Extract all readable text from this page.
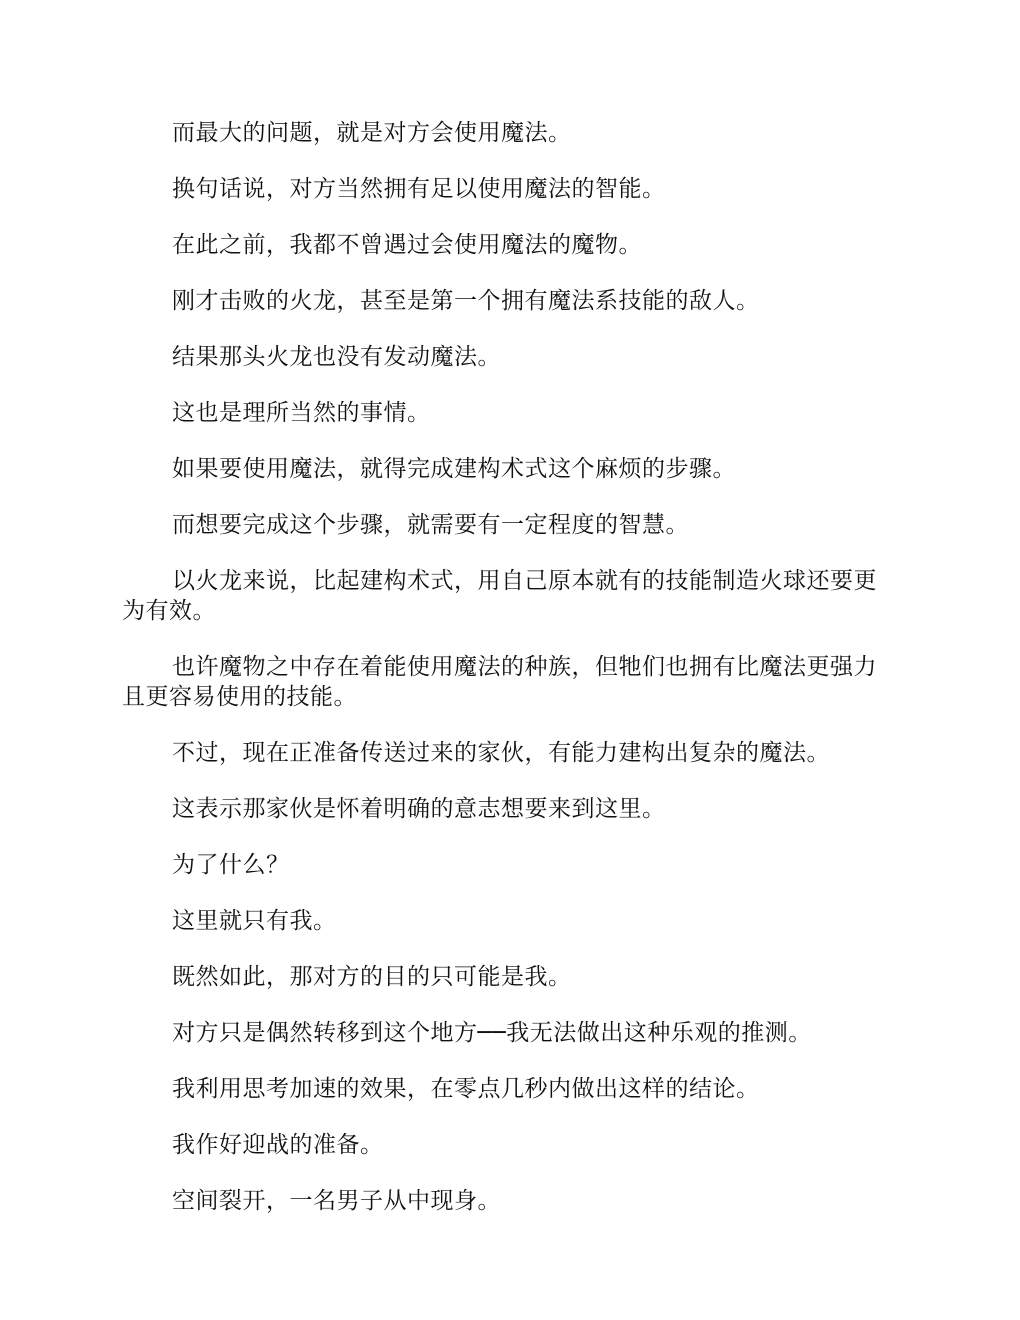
而最大的问题，就是对方会使用魔法。

换句话说，对方当然拥有足以使用魔法的智能。

在此之前，我都不曾遇过会使用魔法的魔物。

刚才击败的火龙，甚至是第一个拥有魔法系技能的敌人。

结果那头火龙也没有发动魔法。

这也是理所当然的事情。

如果要使用魔法，就得完成建构术式这个麻烦的步骤。

而想要完成这个步骤，就需要有一定程度的智慧。

以火龙来说，比起建构术式，用自己原本就有的技能制造火球还要更为有效。

也许魔物之中存在着能使用魔法的种族，但牠们也拥有比魔法更强力且更容易使用的技能。

不过，现在正准备传送过来的家伙，有能力建构出复杂的魔法。

这表示那家伙是怀着明确的意志想要来到这里。

为了什么？

这里就只有我。

既然如此，那对方的目的只可能是我。

对方只是偶然转移到这个地方──我无法做出这种乐观的推测。

我利用思考加速的效果，在零点几秒内做出这样的结论。

我作好迎战的准备。

空间裂开，一名男子从中现身。
